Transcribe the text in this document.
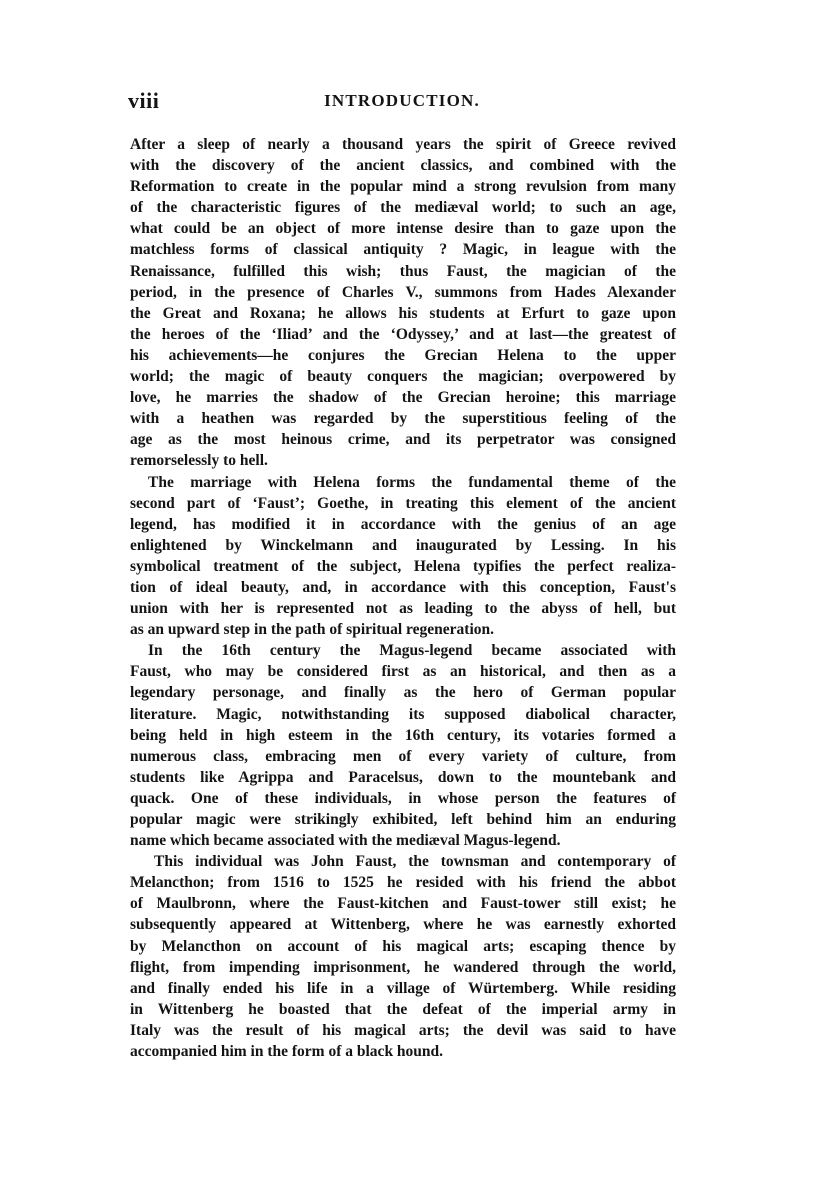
viii	INTRODUCTION.

After a sleep of nearly a thousand years the spirit of Greece revived
with the discovery of the ancient classics, and combined with the
Reformation to create in the popular mind a strong revulsion from many
of the characteristic figures of the mediæval world; to such an age,
what could be an object of more intense desire than to gaze upon the
matchless forms of classical antiquity ? Magic, in league with the
Renaissance, fulfilled this wish; thus Faust, the magician of the
period, in the presence of Charles V., summons from Hades Alexander
the Great and Roxana; he allows his students at Erfurt to gaze upon
the heroes of the ‘Iliad’ and the ‘Odyssey,’ and at last—the greatest of
his achievements—he conjures the Grecian Helena to the upper
world; the magic of beauty conquers the magician; overpowered by
love, he marries the shadow of the Grecian heroine; this marriage
with a heathen was regarded by the superstitious feeling of the
age as the most heinous crime, and its perpetrator was consigned
remorselessly to hell.

The marriage with Helena forms the fundamental theme of the
second part of ‘Faust’; Goethe, in treating this element of the ancient
legend, has modified it in accordance with the genius of an age
enlightened by Winckelmann and inaugurated by Lessing. In his
symbolical treatment of the subject, Helena typifies the perfect realiza-
tion of ideal beauty, and, in accordance with this conception, Faust's
union with her is represented not as leading to the abyss of hell, but
as an upward step in the path of spiritual regeneration.

In the 16th century the Magus-legend became associated with
Faust, who may be considered first as an historical, and then as a
legendary personage, and finally as the hero of German popular
literature. Magic, notwithstanding its supposed diabolical character,
being held in high esteem in the 16th century, its votaries formed a
numerous class, embracing men of every variety of culture, from
students like Agrippa and Paracelsus, down to the mountebank and
quack. One of these individuals, in whose person the features of
popular magic were strikingly exhibited, left behind him an enduring
name which became associated with the mediæval Magus-legend.

This individual was John Faust, the townsman and contemporary of
Melancthon; from 1516 to 1525 he resided with his friend the abbot
of Maulbronn, where the Faust-kitchen and Faust-tower still exist; he
subsequently appeared at Wittenberg, where he was earnestly exhorted
by Melancthon on account of his magical arts; escaping thence by
flight, from impending imprisonment, he wandered through the world,
and finally ended his life in a village of Würtemberg. While residing
in Wittenberg he boasted that the defeat of the imperial army in
Italy was the result of his magical arts; the devil was said to have
accompanied him in the form of a black hound.
